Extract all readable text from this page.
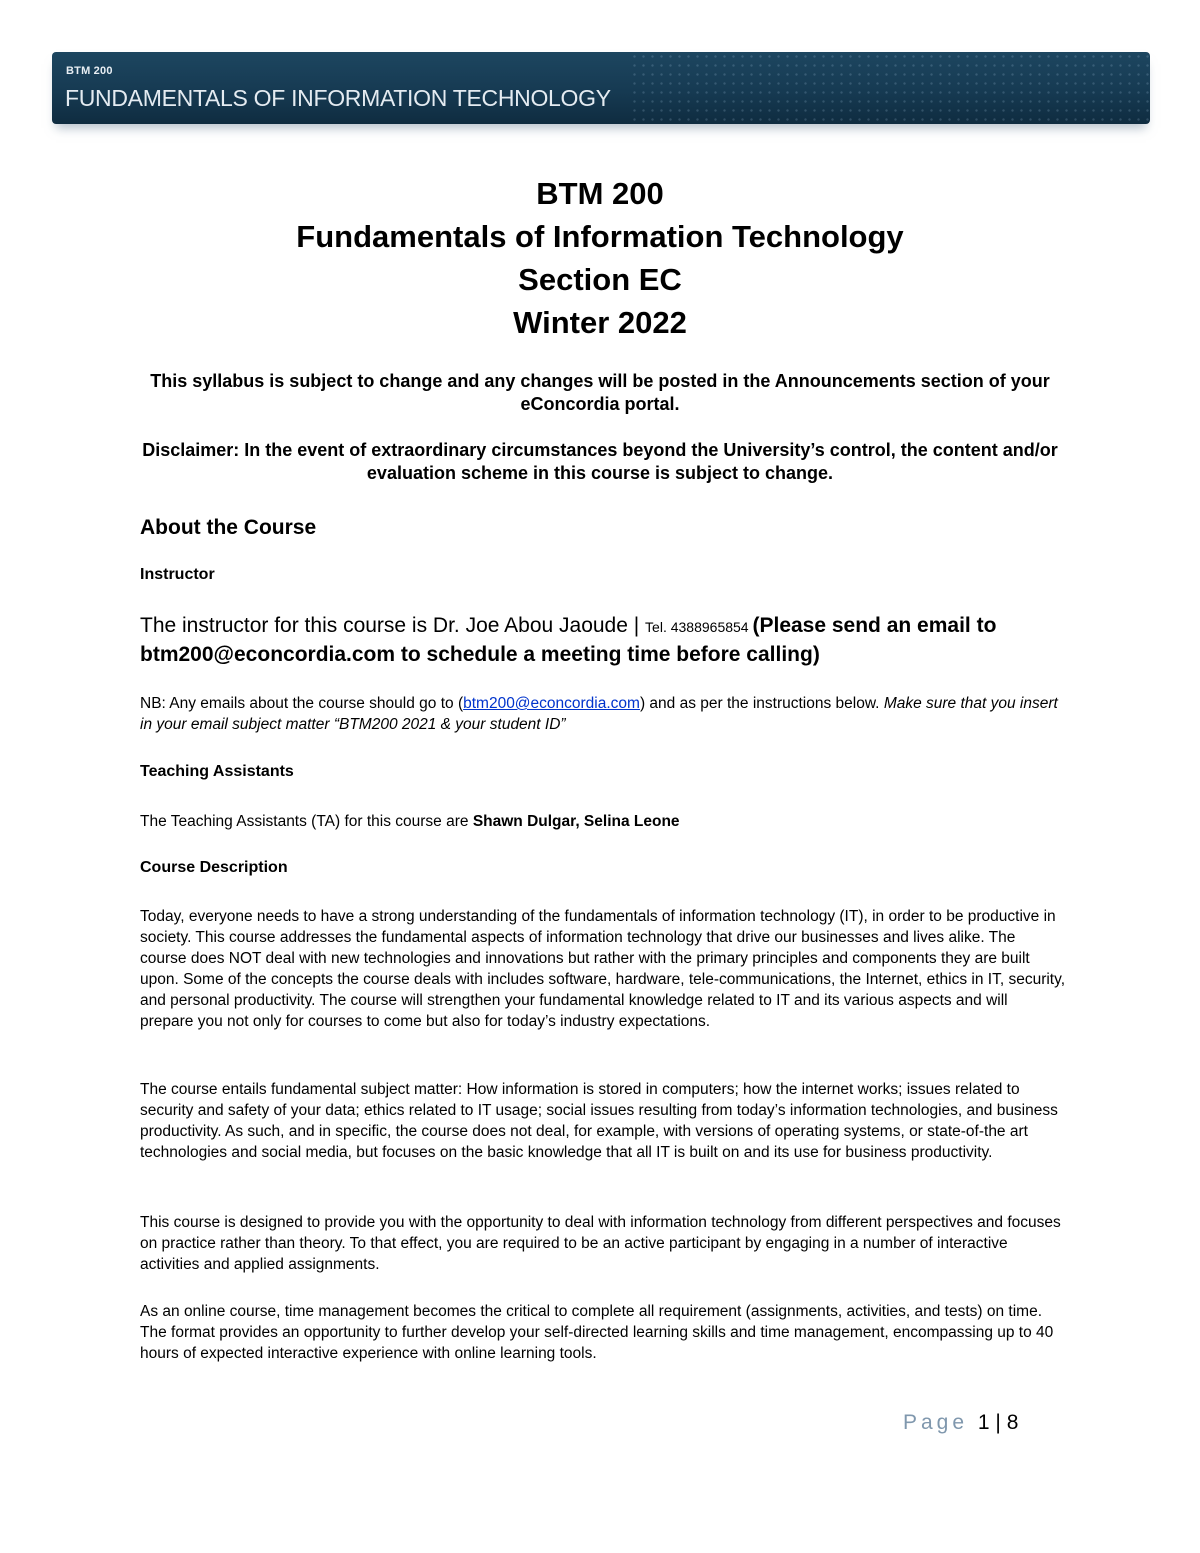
BTM 200
FUNDAMENTALS OF INFORMATION TECHNOLOGY
BTM 200
Fundamentals of Information Technology
Section EC
Winter 2022
This syllabus is subject to change and any changes will be posted in the Announcements section of your eConcordia portal.
Disclaimer: In the event of extraordinary circumstances beyond the University’s control, the content and/or evaluation scheme in this course is subject to change.
About the Course
Instructor
The instructor for this course is Dr. Joe Abou Jaoude | Tel. 4388965854 (Please send an email to btm200@econcordia.com to schedule a meeting time before calling)
NB: Any emails about the course should go to (btm200@econcordia.com) and as per the instructions below. Make sure that you insert in your email subject matter “BTM200 2021 & your student ID”
Teaching Assistants
The Teaching Assistants (TA) for this course are Shawn Dulgar, Selina Leone
Course Description
Today, everyone needs to have a strong understanding of the fundamentals of information technology (IT), in order to be productive in society. This course addresses the fundamental aspects of information technology that drive our businesses and lives alike. The course does NOT deal with new technologies and innovations but rather with the primary principles and components they are built upon. Some of the concepts the course deals with includes software, hardware, tele-communications, the Internet, ethics in IT, security, and personal productivity. The course will strengthen your fundamental knowledge related to IT and its various aspects and will prepare you not only for courses to come but also for today’s industry expectations.
The course entails fundamental subject matter: How information is stored in computers; how the internet works; issues related to security and safety of your data; ethics related to IT usage; social issues resulting from today’s information technologies, and business productivity. As such, and in specific, the course does not deal, for example, with versions of operating systems, or state-of-the art technologies and social media, but focuses on the basic knowledge that all IT is built on and its use for business productivity.
This course is designed to provide you with the opportunity to deal with information technology from different perspectives and focuses on practice rather than theory. To that effect, you are required to be an active participant by engaging in a number of interactive activities and applied assignments.
As an online course, time management becomes the critical to complete all requirement (assignments, activities, and tests) on time. The format provides an opportunity to further develop your self-directed learning skills and time management, encompassing up to 40 hours of expected interactive experience with online learning tools.
Page 1 | 8
